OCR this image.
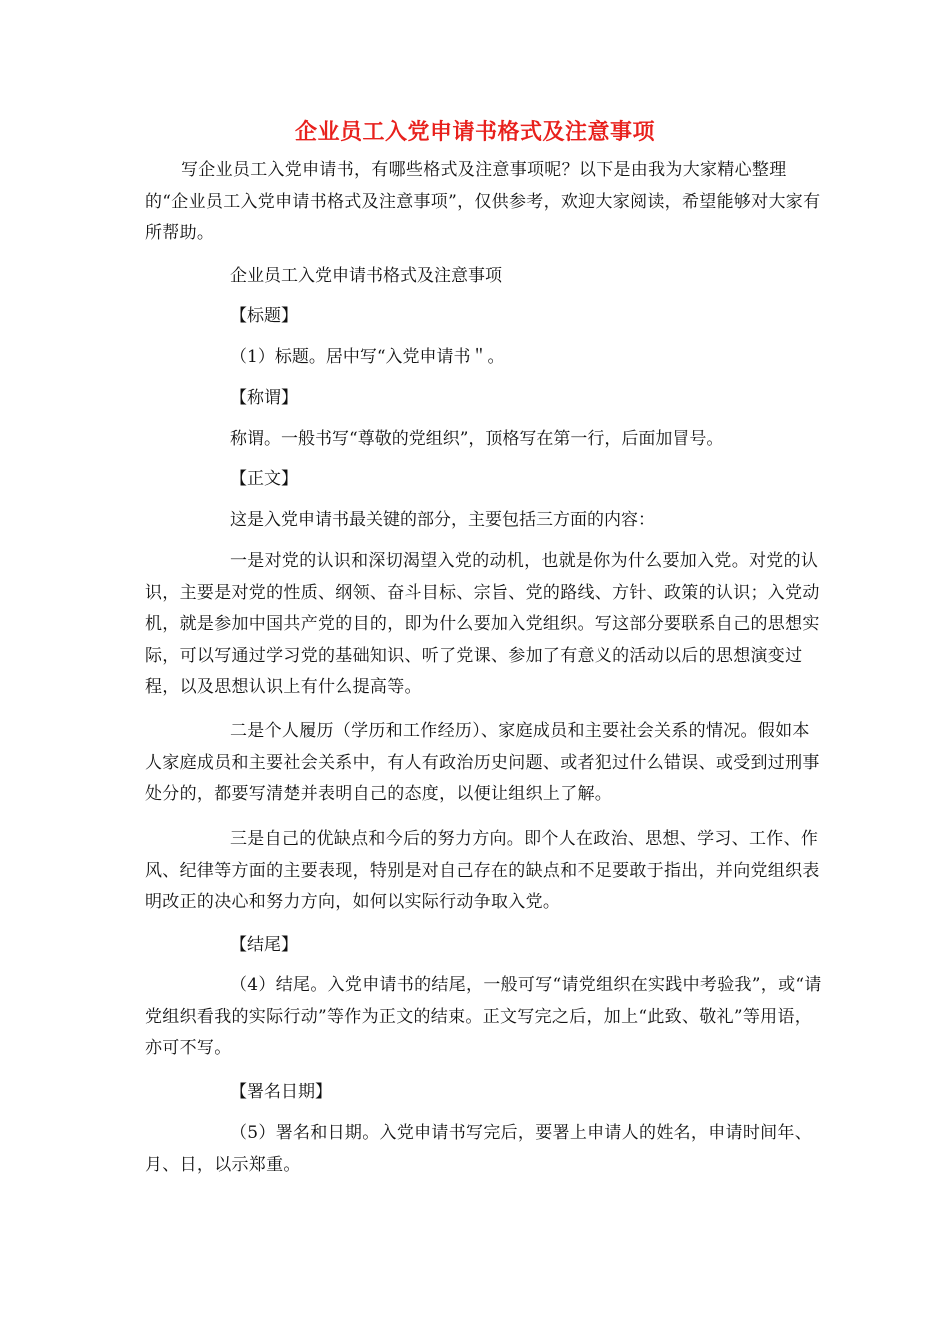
企业员工入党申请书格式及注意事项
写企业员工入党申请书，有哪些格式及注意事项呢？以下是由我为大家精心整理的“企业员工入党申请书格式及注意事项”，仅供参考，欢迎大家阅读，希望能够对大家有所帮助。
企业员工入党申请书格式及注意事项
【标题】
（1）标题。居中写“入党申请书＂。
【称谓】
称谓。一般书写“尊敬的党组织”，顶格写在第一行，后面加冒号。
【正文】
这是入党申请书最关键的部分，主要包括三方面的内容：
一是对党的认识和深切渴望入党的动机，也就是你为什么要加入党。对党的认识，主要是对党的性质、纲领、奋斗目标、宗旨、党的路线、方针、政策的认识；入党动机，就是参加中国共产党的目的，即为什么要加入党组织。写这部分要联系自己的思想实际，可以写通过学习党的基础知识、听了党课、参加了有意义的活动以后的思想演变过程，以及思想认识上有什么提高等。
二是个人履历（学历和工作经历）、家庭成员和主要社会关系的情况。假如本人家庭成员和主要社会关系中，有人有政治历史问题、或者犯过什么错误、或受到过刑事处分的，都要写清楚并表明自己的态度，以便让组织上了解。
三是自己的优缺点和今后的努力方向。即个人在政治、思想、学习、工作、作风、纪律等方面的主要表现，特别是对自己存在的缺点和不足要敢于指出，并向党组织表明改正的决心和努力方向，如何以实际行动争取入党。
【结尾】
（4）结尾。入党申请书的结尾，一般可写“请党组织在实践中考验我”，或“请党组织看我的实际行动”等作为正文的结束。正文写完之后，加上“此致、敬礼”等用语，亦可不写。
【署名日期】
（5）署名和日期。入党申请书写完后，要署上申请人的姓名，申请时间年、月、日，以示郑重。
